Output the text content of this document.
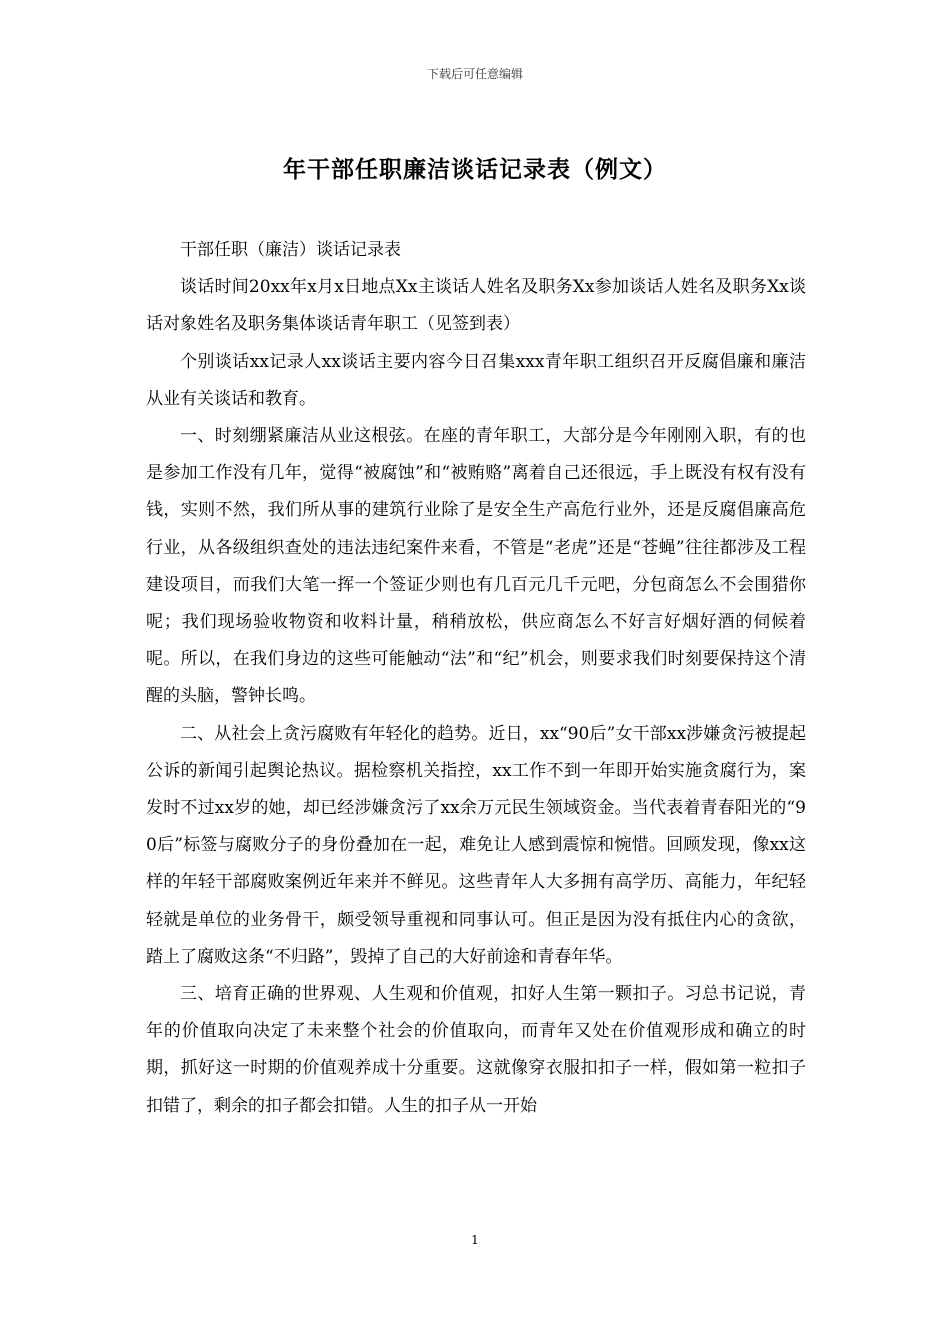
下载后可任意编辑
年干部任职廉洁谈话记录表（例文）

干部任职（廉洁）谈话记录表

谈话时间20xx年x月x日地点Xx主谈话人姓名及职务Xx参加谈话人姓名及职务Xx谈话对象姓名及职务集体谈话青年职工（见签到表）

个别谈话xx记录人xx谈话主要内容今日召集xxx青年职工组织召开反腐倡廉和廉洁从业有关谈话和教育。

一、时刻绷紧廉洁从业这根弦。在座的青年职工，大部分是今年刚刚入职，有的也是参加工作没有几年，觉得“被腐蚀”和“被贿赂”离着自己还很远，手上既没有权有没有钱，实则不然，我们所从事的建筑行业除了是安全生产高危行业外，还是反腐倡廉高危行业，从各级组织查处的违法违纪案件来看，不管是“老虎”还是“苍蝇”往往都涉及工程建设项目，而我们大笔一挥一个签证少则也有几百元几千元吧，分包商怎么不会围猎你呢；我们现场验收物资和收料计量，稍稍放松，供应商怎么不好言好烟好酒的伺候着呢。所以，在我们身边的这些可能触动“法”和“纪”机会，则要求我们时刻要保持这个清醒的头脑，警钟长鸣。

二、从社会上贪污腐败有年轻化的趋势。近日，xx“90后”女干部xx涉嫌贪污被提起公诉的新闻引起舆论热议。据检察机关指控，xx工作不到一年即开始实施贪腐行为，案发时不过xx岁的她，却已经涉嫌贪污了xx余万元民生领域资金。当代表着青春阳光的“90后”标签与腐败分子的身份叠加在一起，难免让人感到震惊和惋惜。回顾发现，像xx这样的年轻干部腐败案例近年来并不鲜见。这些青年人大多拥有高学历、高能力，年纪轻轻就是单位的业务骨干，颇受领导重视和同事认可。但正是因为没有抵住内心的贪欲，踏上了腐败这条“不归路”，毁掉了自己的大好前途和青春年华。

三、培育正确的世界观、人生观和价值观，扣好人生第一颗扣子。习总书记说，青年的价值取向决定了未来整个社会的价值取向，而青年又处在价值观形成和确立的时期，抓好这一时期的价值观养成十分重要。这就像穿衣服扣扣子一样，假如第一粒扣子扣错了，剩余的扣子都会扣错。人生的扣子从一开始

1
